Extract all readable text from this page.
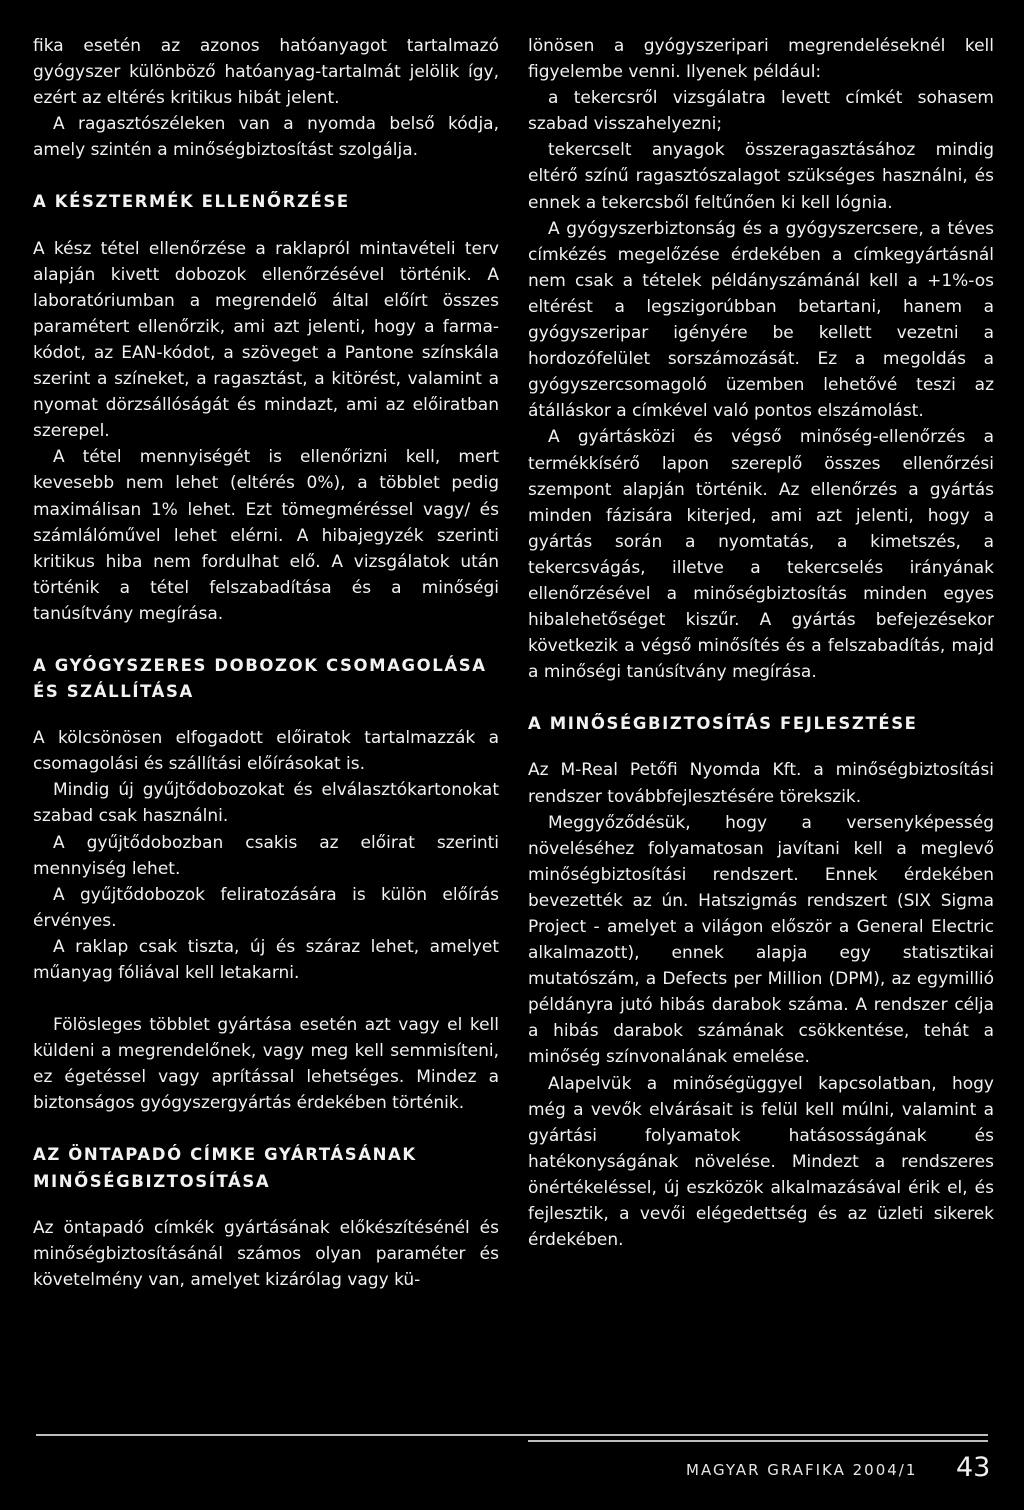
fika esetén az azonos hatóanyagot tartalmazó gyógyszer különböző hatóanyag-tartalmát jelölik így, ezért az eltérés kritikus hibát jelent.

A ragasztószéleken van a nyomda belső kódja, amely szintén a minőségbiztosítást szolgálja.

A KÉSZTERMÉK ELLENŐRZÉSE

A kész tétel ellenőrzése a raklapról mintavételi terv alapján kivett dobozok ellenőrzésével történik. A laboratóriumban a megrendelő által előírt összes paramétert ellenőrzik, ami azt jelenti, hogy a farma-kódot, az EAN-kódot, a szöveget a Pantone színskála szerint a színeket, a ragasztást, a kitörést, valamint a nyomat dörzsállóságát és mindazt, ami az előiratban szerepel.

A tétel mennyiségét is ellenőrizni kell, mert kevesebb nem lehet (eltérés 0%), a többlet pedig maximálisan 1% lehet. Ezt tömegméréssel vagy/ és számlálóművel lehet elérni. A hibajegyzék szerinti kritikus hiba nem fordulhat elő. A vizsgálatok után történik a tétel felszabadítása és a minőségi tanúsítvány megírása.

A GYÓGYSZERES DOBOZOK CSOMAGOLÁSA
ÉS SZÁLLÍTÁSA

A kölcsönösen elfogadott előiratok tartalmazzák a csomagolási és szállítási előírásokat is.

Mindig új gyűjtődobozokat és elválasztókartonokat szabad csak használni.

A gyűjtődobozban csakis az előirat szerinti mennyiség lehet.

A gyűjtődobozok feliratozására is külön előírás érvényes.

A raklap csak tiszta, új és száraz lehet, amelyet műanyag fóliával kell letakarni.

Fölösleges többlet gyártása esetén azt vagy el kell küldeni a megrendelőnek, vagy meg kell semmisíteni, ez égetéssel vagy aprítással lehetséges. Mindez a biztonságos gyógyszergyártás érdekében történik.

AZ ÖNTAPADÓ CÍMKE GYÁRTÁSÁNAK
MINŐSÉGBIZTOSÍTÁSA

Az öntapadó címkék gyártásának előkészítésénél és minőségbiztosításánál számos olyan paraméter és követelmény van, amelyet kizárólag vagy kü-

lönösen a gyógyszeripari megrendeléseknél kell figyelembe venni. Ilyenek például:

a tekercsről vizsgálatra levett címkét sohasem szabad visszahelyezni;

tekercselt anyagok összeragasztásához mindig eltérő színű ragasztószalagot szükséges használni, és ennek a tekercsből feltűnően ki kell lógnia.

A gyógyszerbiztonság és a gyógyszercsere, a téves címkézés megelőzése érdekében a címkegyártásnál nem csak a tételek példányszámánál kell a +1%-os eltérést a legszigorúbban betartani, hanem a gyógyszeripar igényére be kellett vezetni a hordozófelület sorszámozását. Ez a megoldás a gyógyszercsomagoló üzemben lehetővé teszi az átálláskor a címkével való pontos elszámolást.

A gyártásközi és végső minőség-ellenőrzés a termékkísérő lapon szereplő összes ellenőrzési szempont alapján történik. Az ellenőrzés a gyártás minden fázisára kiterjed, ami azt jelenti, hogy a gyártás során a nyomtatás, a kimetszés, a tekercsvágás, illetve a tekercselés irányának ellenőrzésével a minőségbiztosítás minden egyes hibalehetőséget kiszűr. A gyártás befejezésekor következik a végső minősítés és a felszabadítás, majd a minőségi tanúsítvány megírása.

A MINŐSÉGBIZTOSÍTÁS FEJLESZTÉSE

Az M-Real Petőfi Nyomda Kft. a minőségbiztosítási rendszer továbbfejlesztésére törekszik.

Meggyőződésük, hogy a versenyképesség növeléséhez folyamatosan javítani kell a meglevő minőségbiztosítási rendszert. Ennek érdekében bevezették az ún. Hatszigmás rendszert (SIX Sigma Project - amelyet a világon először a General Electric alkalmazott), ennek alapja egy statisztikai mutatószám, a Defects per Million (DPM), az egymillió példányra jutó hibás darabok száma. A rendszer célja a hibás darabok számának csökkentése, tehát a minőség színvonalának emelése.

Alapelvük a minőségüggyel kapcsolatban, hogy még a vevők elvárásait is felül kell múlni, valamint a gyártási folyamatok hatásosságának és hatékonyságának növelése. Mindezt a rendszeres önértékeléssel, új eszközök alkalmazásával érik el, és fejlesztik, a vevői elégedettség és az üzleti sikerek érdekében.

MAGYAR GRAFIKA 2004/1 43
